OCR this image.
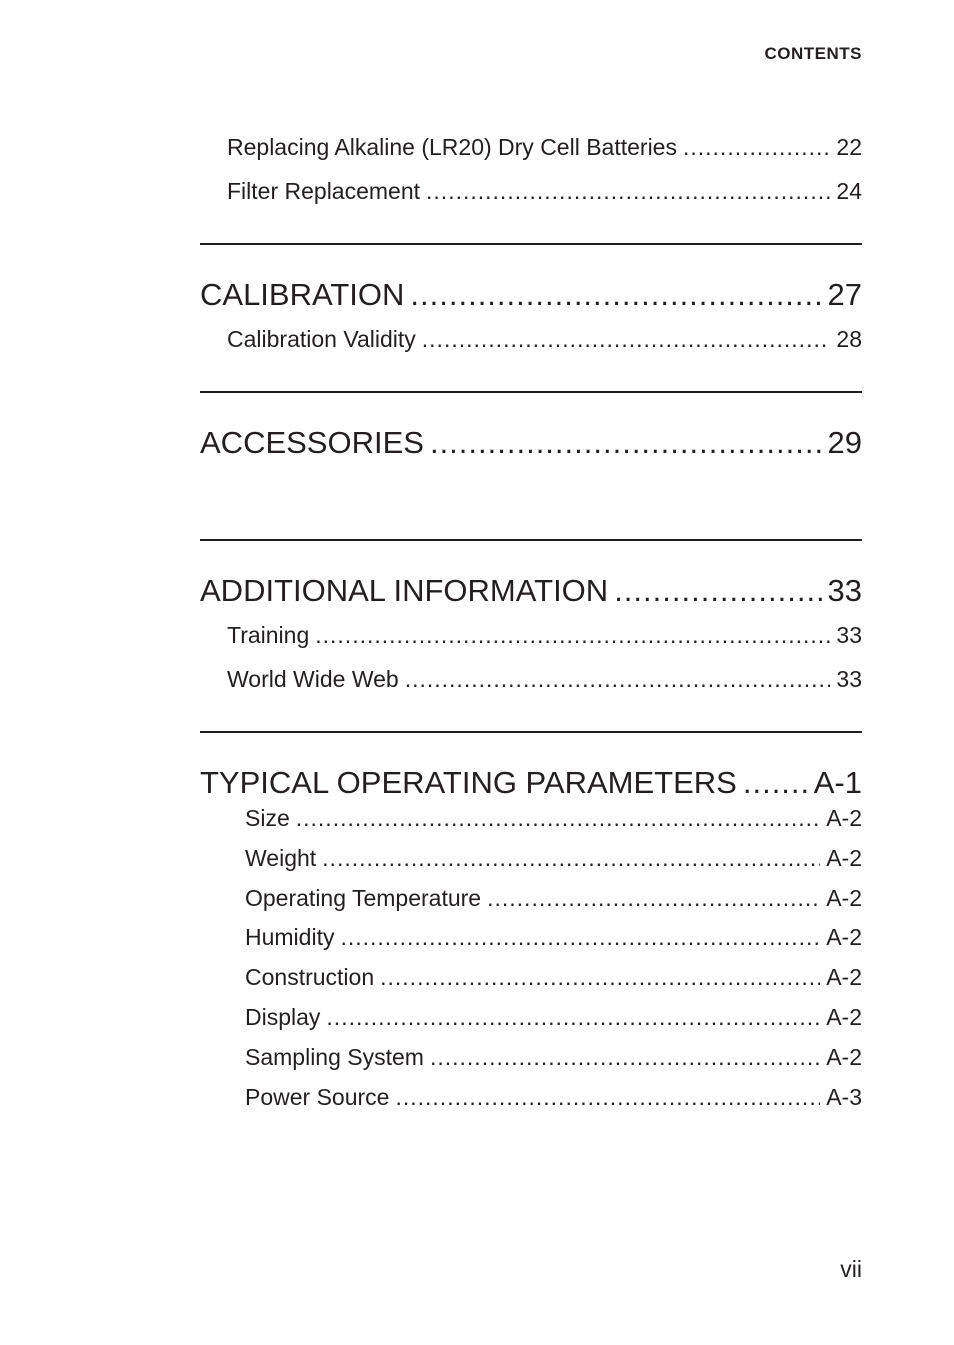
CONTENTS
Replacing Alkaline (LR20) Dry Cell Batteries .....	22
Filter Replacement .....	24
CALIBRATION .....	27
Calibration Validity .....	28
ACCESSORIES .....	29
ADDITIONAL INFORMATION .....	33
Training .....	33
World Wide Web .....	33
TYPICAL OPERATING PARAMETERS ..... A-1
Size .....	A-2
Weight .....	A-2
Operating Temperature .....	A-2
Humidity .....	A-2
Construction .....	A-2
Display .....	A-2
Sampling System .....	A-2
Power Source .....	A-3
vii
